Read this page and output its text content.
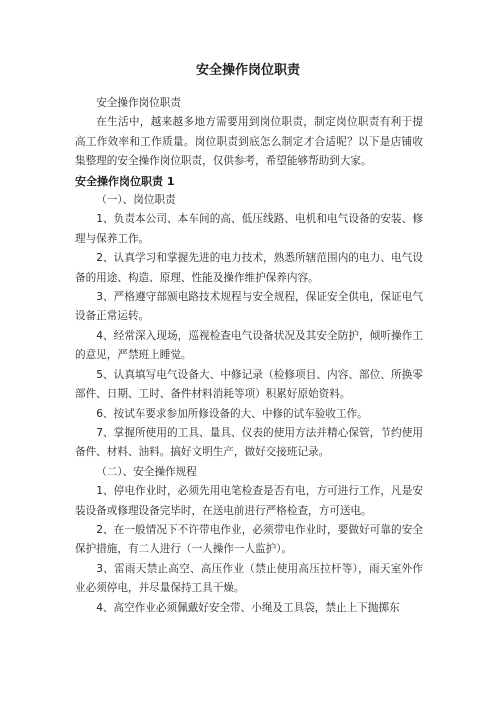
安全操作岗位职责

安全操作岗位职责

在生活中，越来越多地方需要用到岗位职责，制定岗位职责有利于提高工作效率和工作质量。岗位职责到底怎么制定才合适呢？以下是店铺收集整理的安全操作岗位职责，仅供参考，希望能够帮助到大家。

安全操作岗位职责 1

（一）、岗位职责

1、负责本公司、本车间的高、低压线路、电机和电气设备的安装、修理与保养工作。

2、认真学习和掌握先进的电力技术，熟悉所辖范围内的电力、电气设备的用途、构造、原理、性能及操作维护保养内容。

3、严格遵守部颁电路技术规程与安全规程，保证安全供电，保证电气设备正常运转。

4、经常深入现场，巡视检查电气设备状况及其安全防护，倾听操作工的意见，严禁班上睡觉。

5、认真填写电气设备大、中修记录（检修项目、内容、部位、所换零部件、日期、工时、备件材料消耗等项）积累好原始资料。

6、按试车要求参加所修设备的大、中修的试车验收工作。

7、掌握所使用的工具、量具、仪表的使用方法并精心保管，节约使用备件、材料、油料。搞好文明生产，做好交接班记录。

（二）、安全操作规程

1、停电作业时，必须先用电笔检查是否有电，方可进行工作，凡是安装设备或修理设备完毕时，在送电前进行严格检查，方可送电。

2、在一般情况下不许带电作业，必须带电作业时，要做好可靠的安全保护措施，有二人进行（一人操作一人监护）。

3、雷雨天禁止高空、高压作业（禁止使用高压拉杆等），雨天室外作业必须停电，并尽量保持工具干燥。

4、高空作业必须佩戴好安全带、小绳及工具袋，禁止上下抛掷东
